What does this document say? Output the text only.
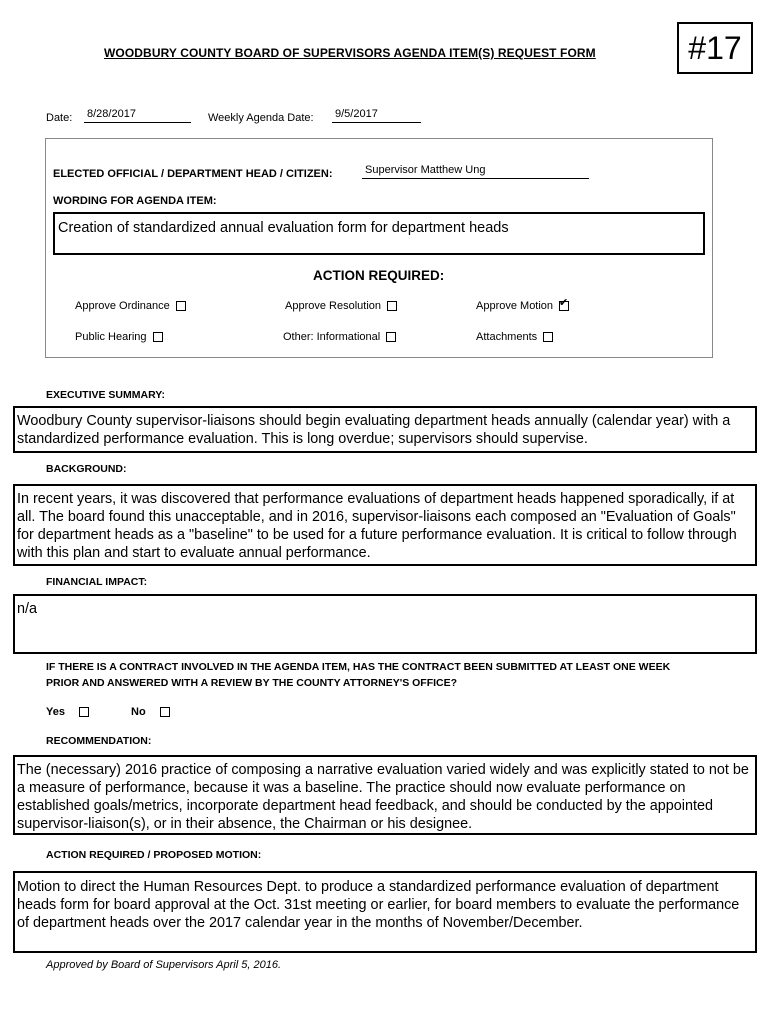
WOODBURY COUNTY BOARD OF SUPERVISORS AGENDA ITEM(S) REQUEST FORM	#17
Date: 8/28/2017	Weekly Agenda Date: 9/5/2017
ELECTED OFFICIAL / DEPARTMENT HEAD / CITIZEN:	Supervisor Matthew Ung
WORDING FOR AGENDA ITEM:
Creation of standardized annual evaluation form for department heads
ACTION REQUIRED:
Approve Ordinance	Approve Resolution	Approve Motion✔
Public Hearing	Other: Informational	Attachments
EXECUTIVE SUMMARY:
Woodbury County supervisor-liaisons should begin evaluating department heads annually (calendar year) with a standardized performance evaluation. This is long overdue; supervisors should supervise.
BACKGROUND:
In recent years, it was discovered that performance evaluations of department heads happened sporadically, if at all. The board found this unacceptable, and in 2016, supervisor-liaisons each composed an "Evaluation of Goals" for department heads as a "baseline" to be used for a future performance evaluation. It is critical to follow through with this plan and start to evaluate annual performance.
FINANCIAL IMPACT:
n/a
IF THERE IS A CONTRACT INVOLVED IN THE AGENDA ITEM, HAS THE CONTRACT BEEN SUBMITTED AT LEAST ONE WEEK
PRIOR AND ANSWERED WITH A REVIEW BY THE COUNTY ATTORNEY'S OFFICE?
Yes	No
RECOMMENDATION:
The (necessary) 2016 practice of composing a narrative evaluation varied widely and was explicitly stated to not be a measure of performance, because it was a baseline. The practice should now evaluate performance on established goals/metrics, incorporate department head feedback, and should be conducted by the appointed supervisor-liaison(s), or in their absence, the Chairman or his designee.
ACTION REQUIRED / PROPOSED MOTION:
Motion to direct the Human Resources Dept. to produce a standardized performance evaluation of department heads form for board approval at the Oct. 31st meeting or earlier, for board members to evaluate the performance of department heads over the 2017 calendar year in the months of November/December.
Approved by Board of Supervisors April 5, 2016.
